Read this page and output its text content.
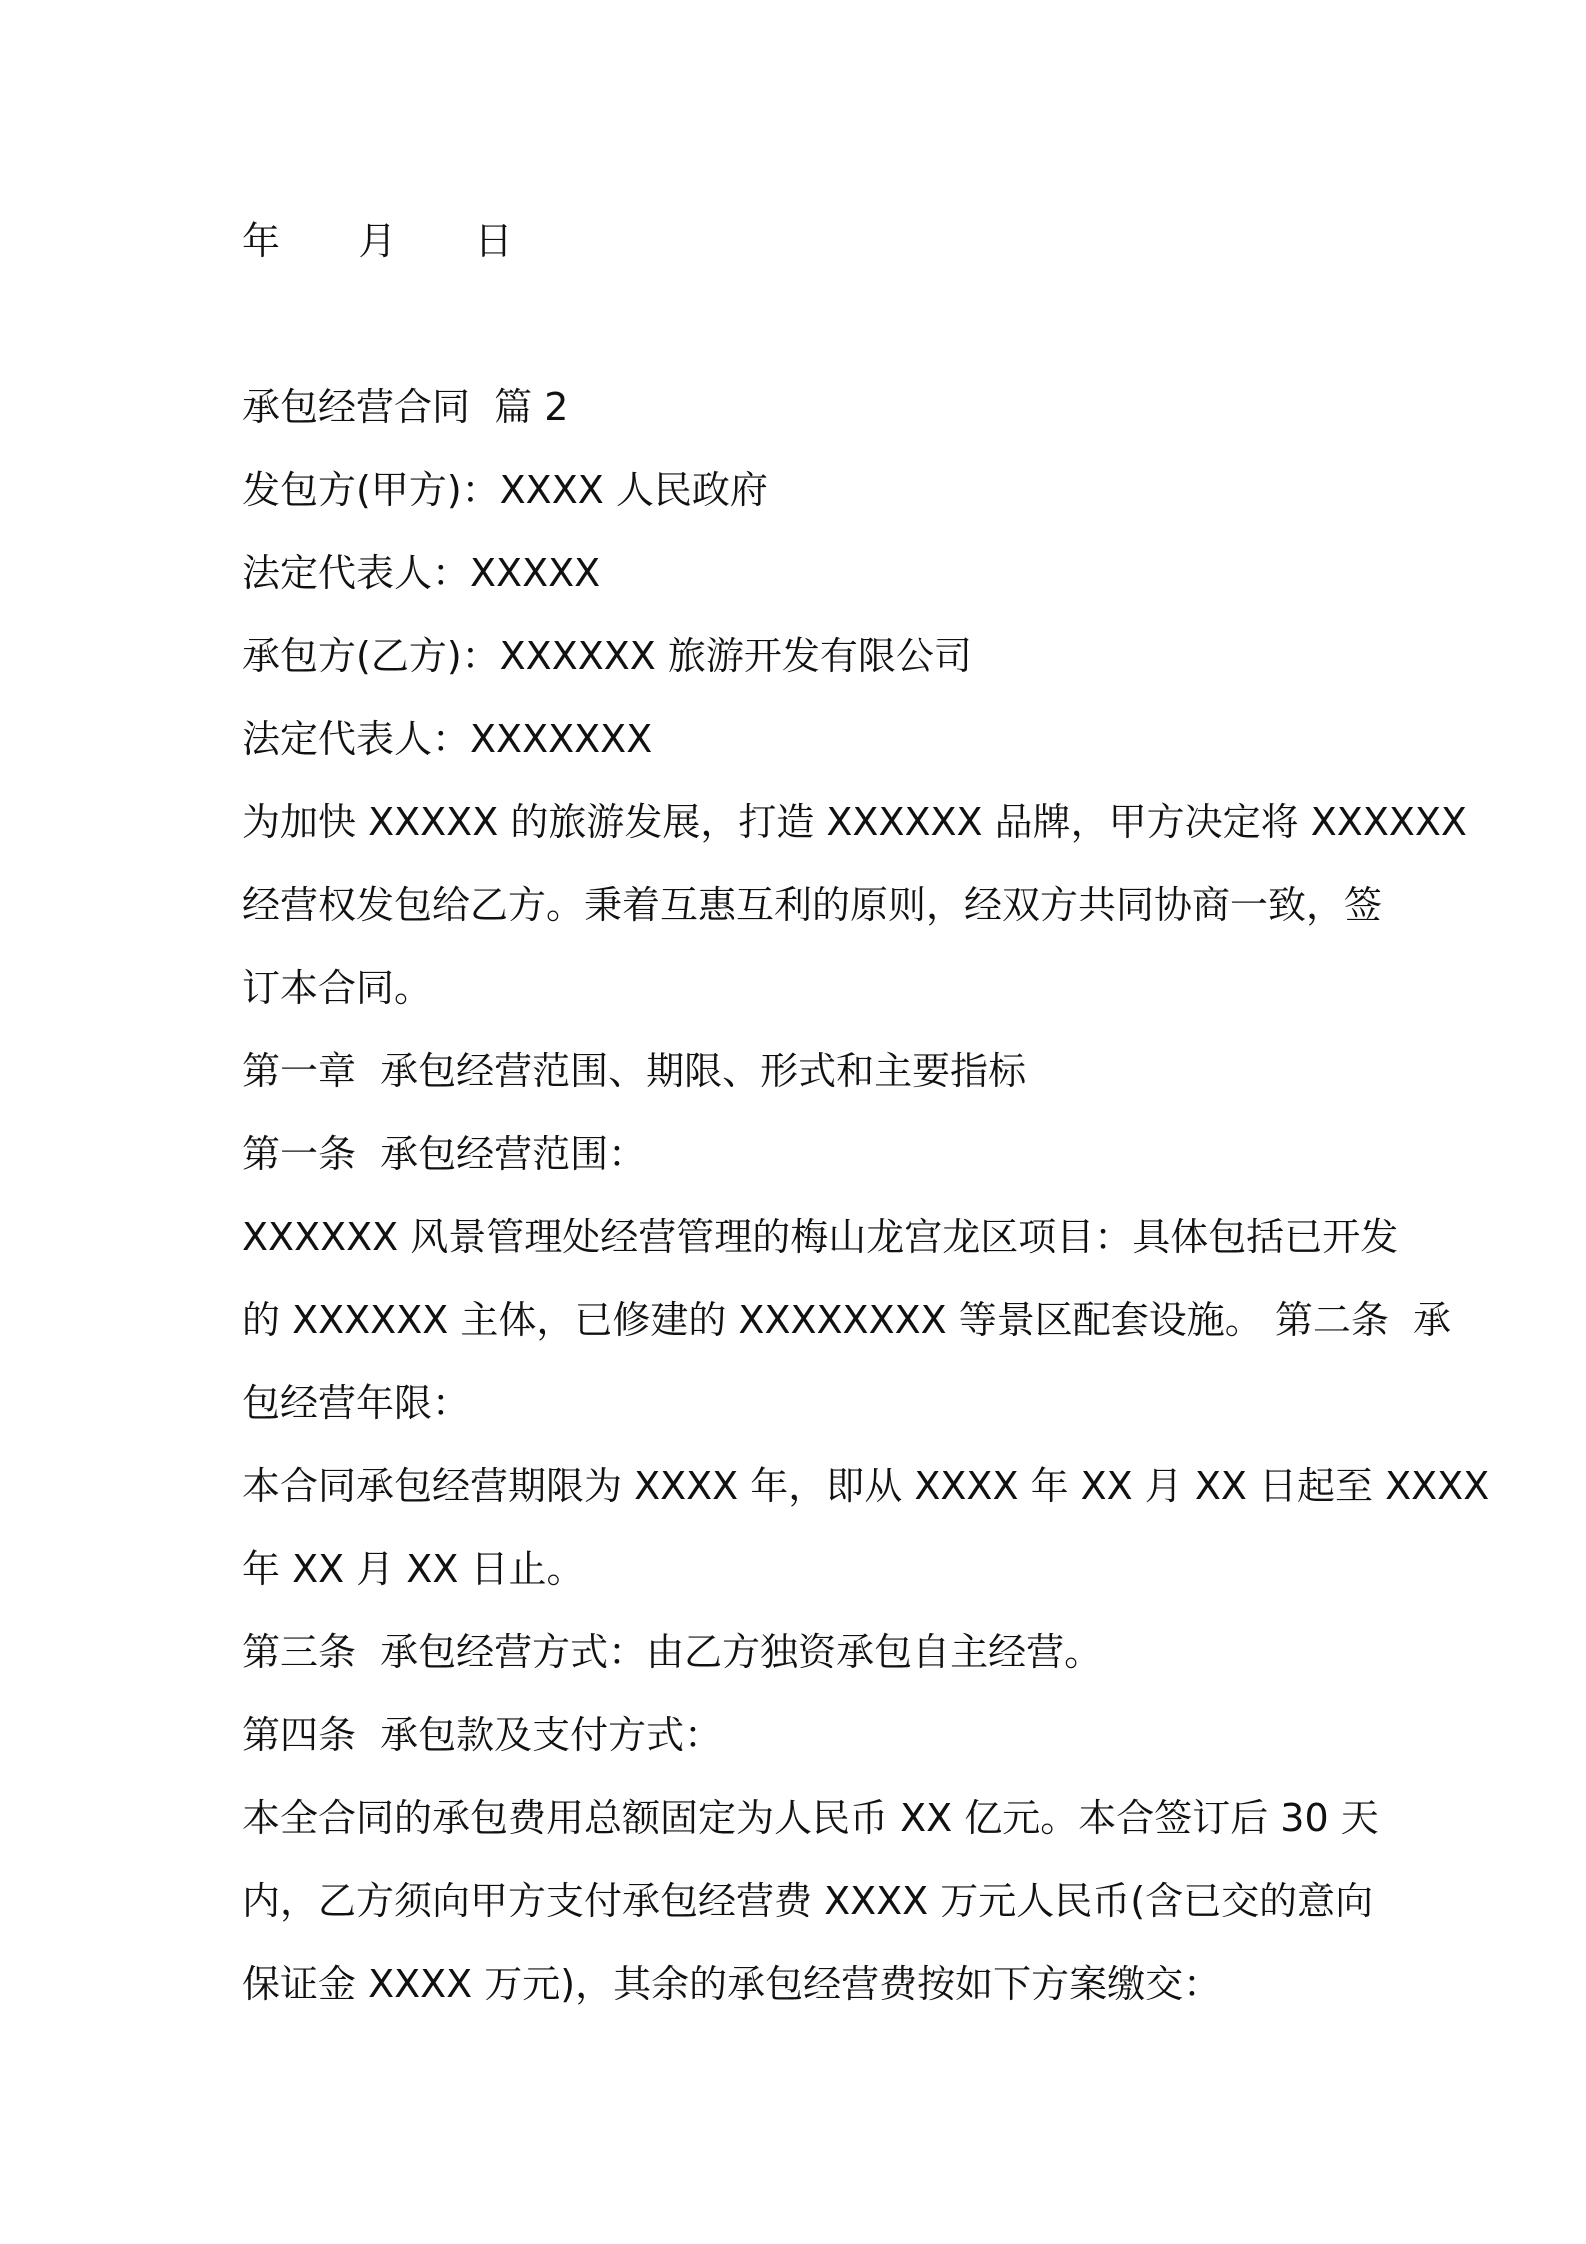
年    月    日

承包经营合同  篇 2

发包方(甲方)：XXXX 人民政府

法定代表人：XXXXX

承包方(乙方)：XXXXXX 旅游开发有限公司

法定代表人：XXXXXXX

为加快 XXXXX 的旅游发展，打造 XXXXXX 品牌，甲方决定将 XXXXXX

经营权发包给乙方。秉着互惠互利的原则，经双方共同协商一致，签

订本合同。

第一章  承包经营范围、期限、形式和主要指标

第一条  承包经营范围：

XXXXXX 风景管理处经营管理的梅山龙宫龙区项目：具体包括已开发

的 XXXXXX 主体，已修建的 XXXXXXXX 等景区配套设施。 第二条  承

包经营年限：

本合同承包经营期限为 XXXX 年，即从 XXXX 年 XX 月 XX 日起至 XXXX

年 XX 月 XX 日止。

第三条  承包经营方式：由乙方独资承包自主经营。

第四条  承包款及支付方式：

本全合同的承包费用总额固定为人民币 XX 亿元。本合签订后 30 天

内，乙方须向甲方支付承包经营费 XXXX 万元人民币(含已交的意向

保证金 XXXX 万元)，其余的承包经营费按如下方案缴交：
